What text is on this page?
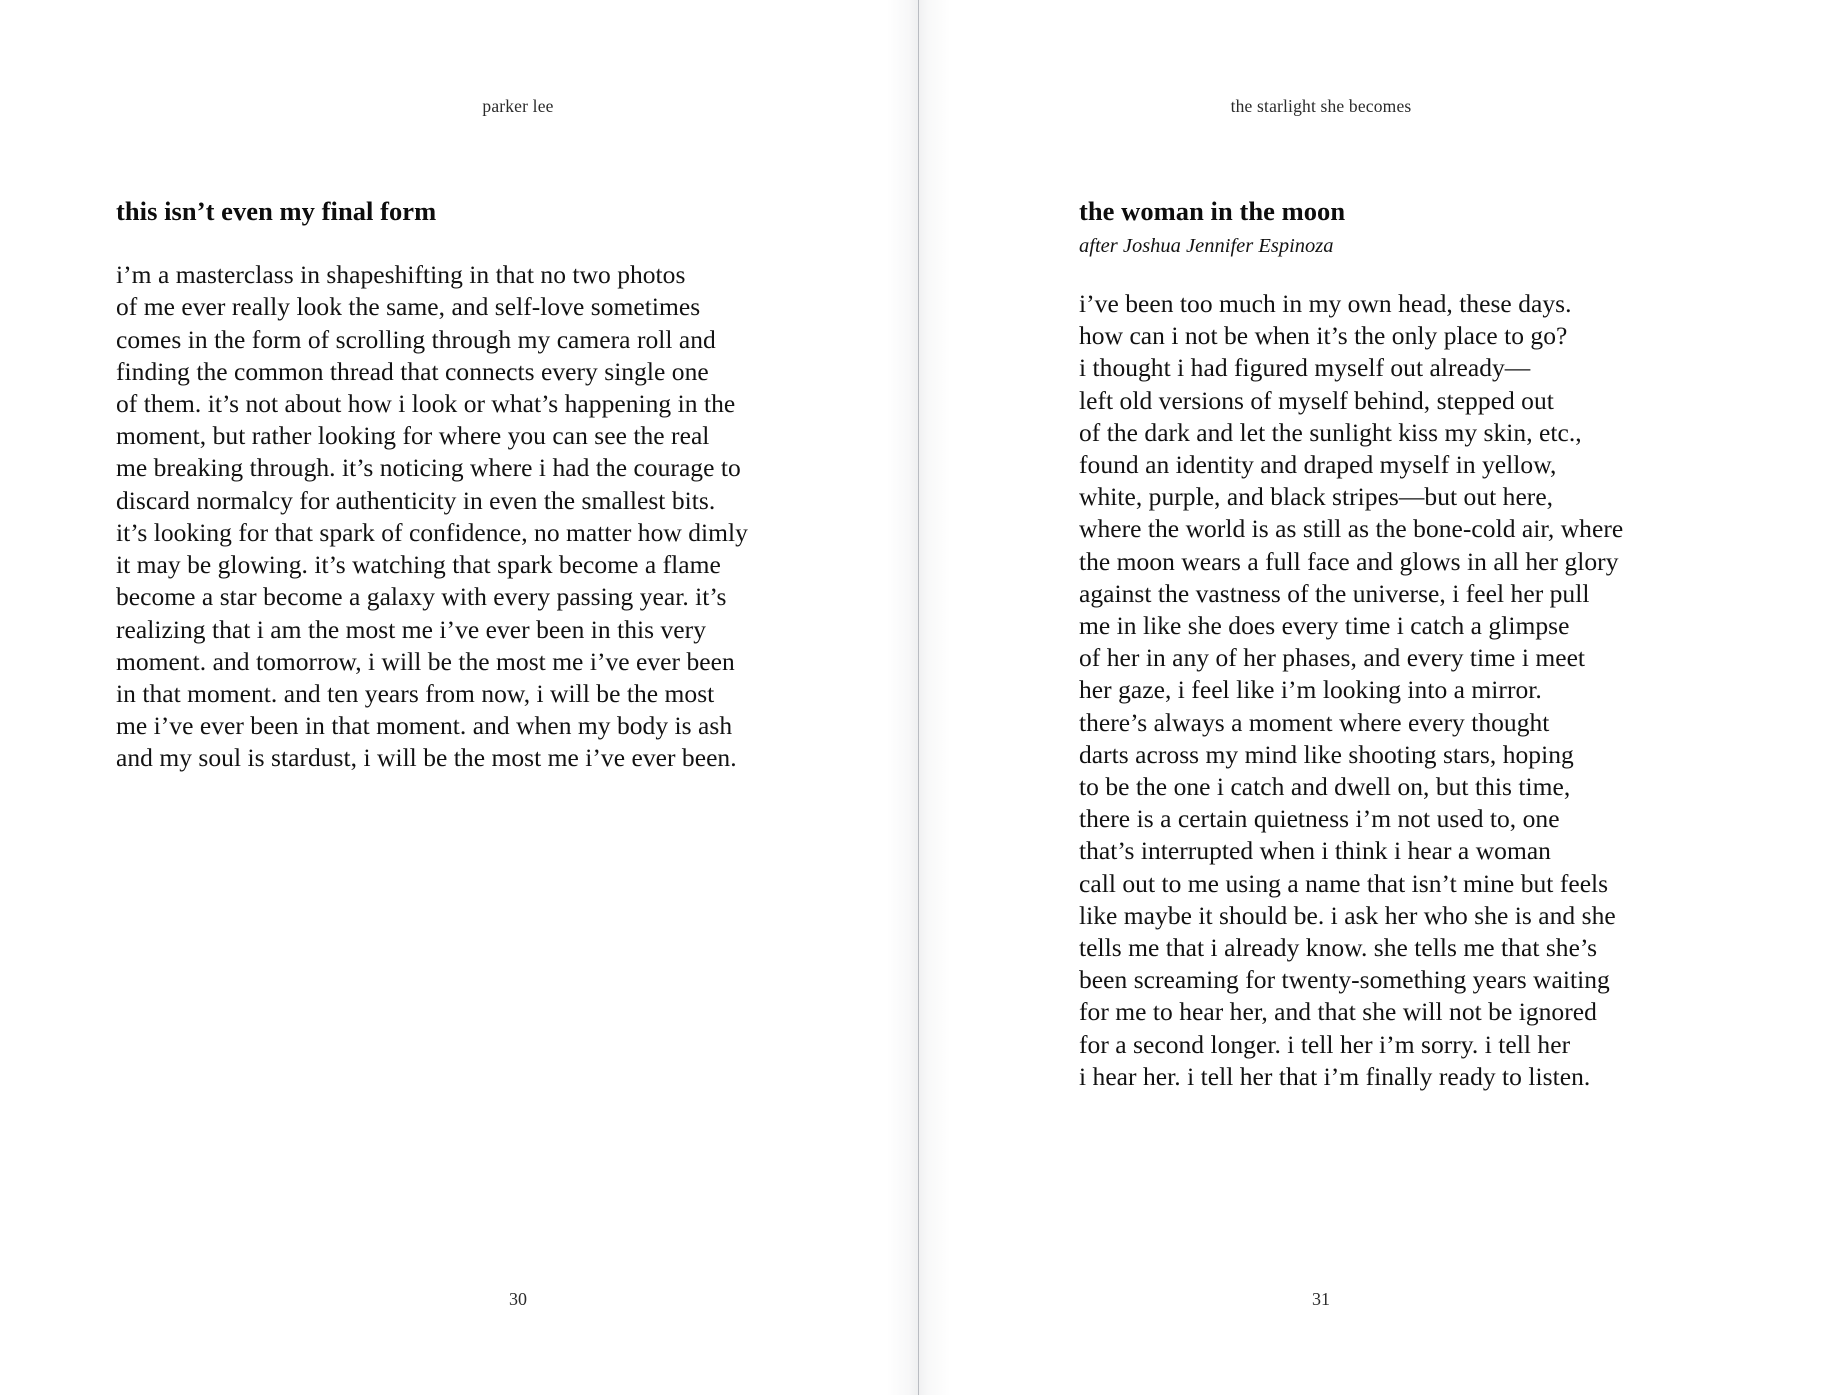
parker lee
this isn’t even my final form
i’m a masterclass in shapeshifting in that no two photos
of me ever really look the same, and self-love sometimes
comes in the form of scrolling through my camera roll and
finding the common thread that connects every single one
of them. it’s not about how i look or what’s happening in the
moment, but rather looking for where you can see the real
me breaking through. it’s noticing where i had the courage to
discard normalcy for authenticity in even the smallest bits.
it’s looking for that spark of confidence, no matter how dimly
it may be glowing. it’s watching that spark become a flame
become a star become a galaxy with every passing year. it’s
realizing that i am the most me i’ve ever been in this very
moment. and tomorrow, i will be the most me i’ve ever been
in that moment. and ten years from now, i will be the most
me i’ve ever been in that moment. and when my body is ash
and my soul is stardust, i will be the most me i’ve ever been.
30
the starlight she becomes
the woman in the moon
after Joshua Jennifer Espinoza
i’ve been too much in my own head, these days.
how can i not be when it’s the only place to go?
i thought i had figured myself out already—
left old versions of myself behind, stepped out
of the dark and let the sunlight kiss my skin, etc.,
found an identity and draped myself in yellow,
white, purple, and black stripes—but out here,
where the world is as still as the bone-cold air, where
the moon wears a full face and glows in all her glory
against the vastness of the universe, i feel her pull
me in like she does every time i catch a glimpse
of her in any of her phases, and every time i meet
her gaze, i feel like i’m looking into a mirror.
there’s always a moment where every thought
darts across my mind like shooting stars, hoping
to be the one i catch and dwell on, but this time,
there is a certain quietness i’m not used to, one
that’s interrupted when i think i hear a woman
call out to me using a name that isn’t mine but feels
like maybe it should be. i ask her who she is and she
tells me that i already know. she tells me that she’s
been screaming for twenty-something years waiting
for me to hear her, and that she will not be ignored
for a second longer. i tell her i’m sorry. i tell her
i hear her. i tell her that i’m finally ready to listen.
31
